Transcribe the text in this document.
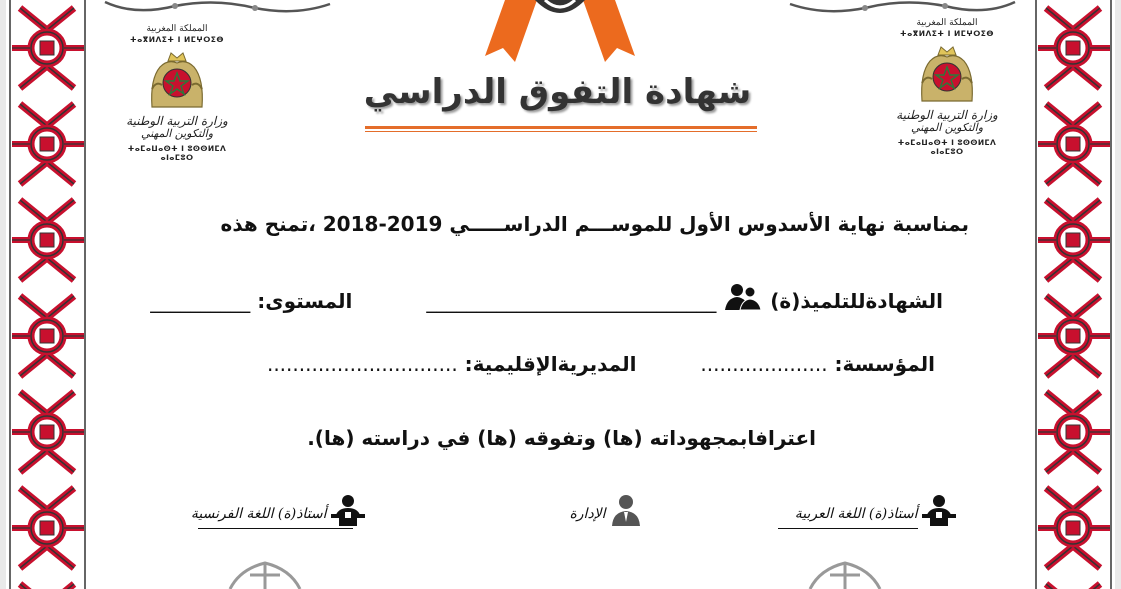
المملكة المغربية
ⵜⴰⴳⵍⴷⵉⵜ ⵏ ⵍⵎⵖⵔⵉⴱ
وزارة التربية الوطنية
والتكوين المهني
ⵜⴰⵎⴰⵡⴰⵙⵜ ⵏ ⵓⵙⵙⵍⵎⴷ ⴰⵏⴰⵎⵓⵔ
المملكة المغربية
ⵜⴰⴳⵍⴷⵉⵜ ⵏ ⵍⵎⵖⵔⵉⴱ
وزارة التربية الوطنية
والتكوين المهني
ⵜⴰⵎⴰⵡⴰⵙⵜ ⵏ ⵓⵙⵙⵍⵎⴷ ⴰⵏⴰⵎⵓⵔ
شهادة التفوق الدراسي
بمناسبة نهاية الأسدوس الأول للموســـم الدراســـــي 2019-2018 ،تمنح هذه
الشهادةللتلميذ(ة)  _____________________________  المستوى: __________
المؤسسة: ....................  المديريةالإقليمية: ..............................
اعترافابمجهوداته (ها) وتفوقه (ها) في دراسته (ها).
أستاذ(ة) اللغة العربية
الإدارة
أستاذ(ة) اللغة الفرنسية
